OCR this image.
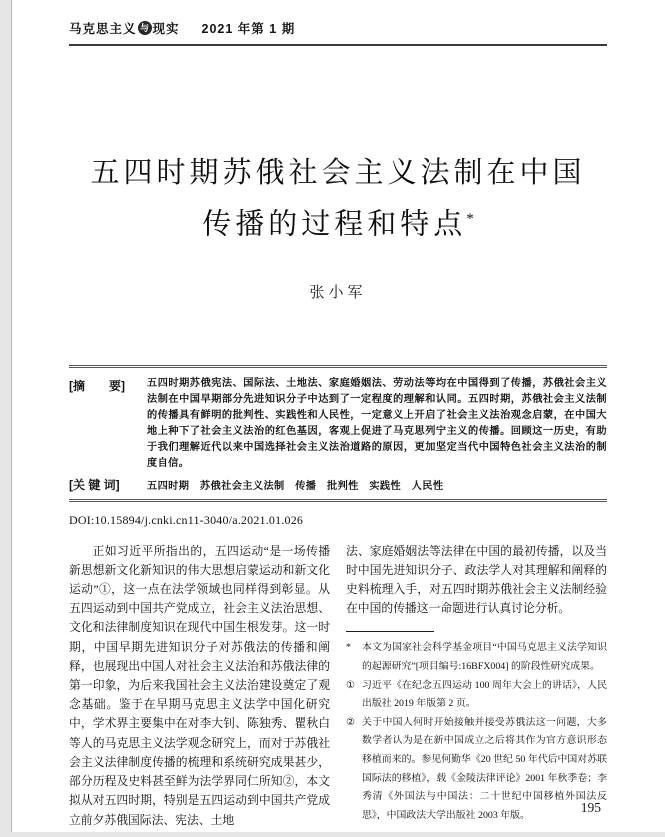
马克思主义 与 现实 2021 年第 1 期
五四时期苏俄社会主义法制在中国
传播的过程和特点*
张小军
[摘　　要]	五四时期苏俄宪法、国际法、土地法、家庭婚姻法、劳动法等均在中国得到了传播，苏俄社会主义法制在中国早期部分先进知识分子中达到了一定程度的理解和认同。五四时期，苏俄社会主义法制的传播具有鲜明的批判性、实践性和人民性，一定意义上开启了社会主义法治观念启蒙，在中国大地上种下了社会主义法治的红色基因，客观上促进了马克思列宁主义的传播。回顾这一历史，有助于我们理解近代以来中国选择社会主义法治道路的原因，更加坚定当代中国特色社会主义法治的制度自信。
[关 键 词]	五四时期　苏俄社会主义法制　传播　批判性　实践性　人民性
DOI:10.15894/j.cnki.cn11-3040/a.2021.01.026

正如习近平所指出的，五四运动“是一场传播新思想新文化新知识的伟大思想启蒙运动和新文化运动”①，这一点在法学领域也同样得到彰显。从五四运动到中国共产党成立，社会主义法治思想、文化和法律制度知识在现代中国生根发芽。这一时期，中国早期先进知识分子对苏俄法的传播和阐释，也展现出中国人对社会主义法治和苏俄法律的第一印象，为后来我国社会主义法治建设奠定了观念基础。鉴于在早期马克思主义法学中国化研究中，学术界主要集中在对李大钊、陈独秀、瞿秋白等人的马克思主义法学观念研究上，而对于苏俄社会主义法律制度传播的梳理和系统研究成果甚少，部分历程及史料甚至鲜为法学界同仁所知②，本文拟从对五四时期，特别是五四运动到中国共产党成立前夕苏俄国际法、宪法、土地

法、家庭婚姻法等法律在中国的最初传播，以及当时中国先进知识分子、政法学人对其理解和阐释的史料梳理入手，对五四时期苏俄社会主义法制经验在中国的传播这一命题进行认真讨论分析。

*	本文为国家社会科学基金项目“中国马克思主义法学知识的起源研究”[项目编号:16BFX004] 的阶段性研究成果。
① 习近平《在纪念五四运动 100 周年大会上的讲话》，人民出版社 2019 年版第 2 页。
② 关于中国人何时开始接触并接受苏俄法这一问题，大多数学者认为是在新中国成立之后将其作为官方意识形态移植而来的。参见何勤华《20 世纪 50 年代后中国对苏联国际法的移植》，载《金陵法律评论》2001 年秋季卷；李秀清《外国法与中国法：二十世纪中国移植外国法反思》，中国政法大学出版社 2003 年版。
195
